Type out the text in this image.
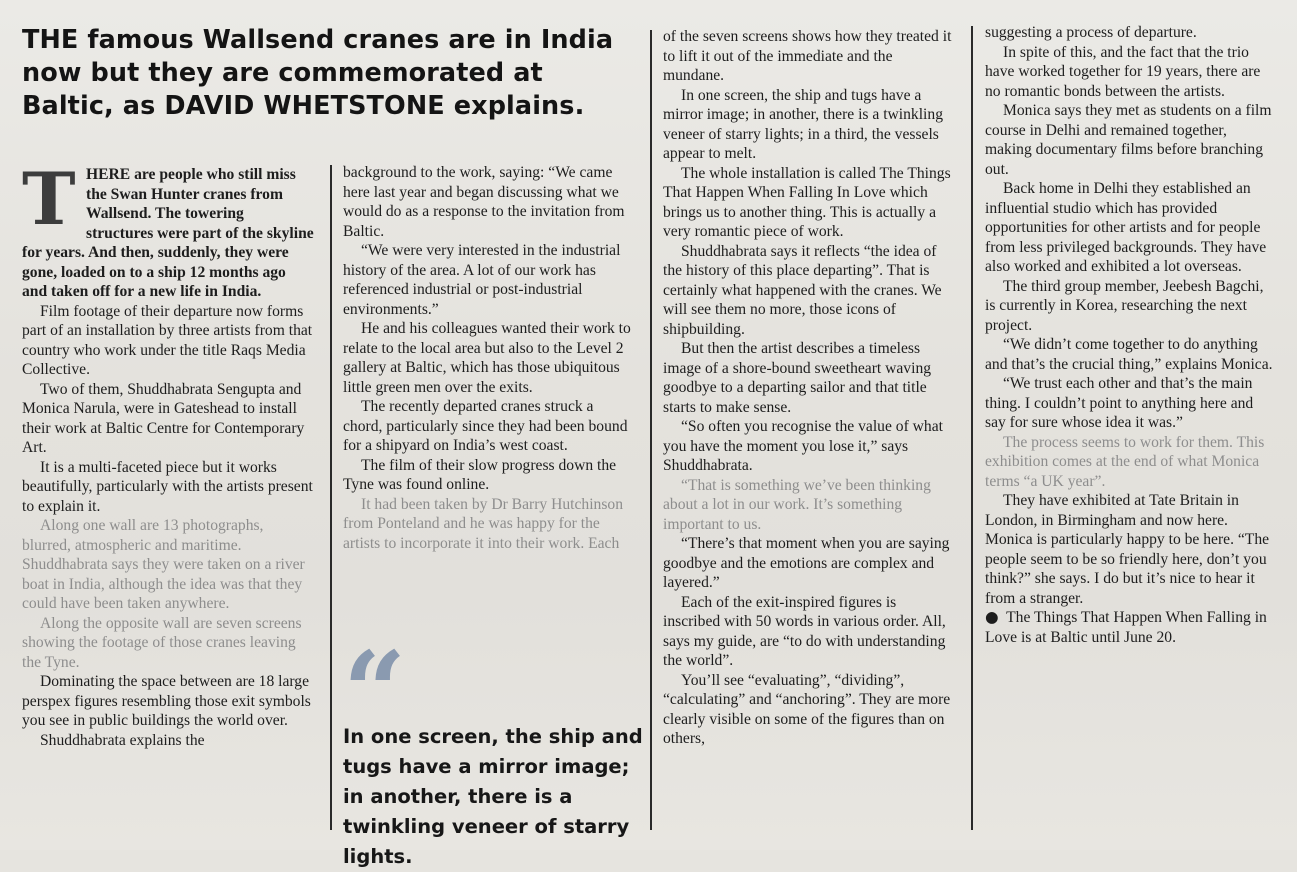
THE famous Wallsend cranes are in India now but they are commemorated at Baltic, as DAVID WHETSTONE explains.
T HERE are people who still miss the Swan Hunter cranes from Wallsend. The towering structures were part of the skyline for years. And then, suddenly, they were gone, loaded on to a ship 12 months ago and taken off for a new life in India.

Film footage of their departure now forms part of an installation by three artists from that country who work under the title Raqs Media Collective.

Two of them, Shuddhabrata Sengupta and Monica Narula, were in Gateshead to install their work at Baltic Centre for Contemporary Art.

It is a multi-faceted piece but it works beautifully, particularly with the artists present to explain it.

Along one wall are 13 photographs, blurred, atmospheric and maritime. Shuddhabrata says they were taken on a river boat in India, although the idea was that they could have been taken anywhere.

Along the opposite wall are seven screens showing the footage of those cranes leaving the Tyne.

Dominating the space between are 18 large perspex figures resembling those exit symbols you see in public buildings the world over.

Shuddhabrata explains the

background to the work, saying: “We came here last year and began discussing what we would do as a response to the invitation from Baltic.

“We were very interested in the industrial history of the area. A lot of our work has referenced industrial or post-industrial environments.”

He and his colleagues wanted their work to relate to the local area but also to the Level 2 gallery at Baltic, which has those ubiquitous little green men over the exits.

The recently departed cranes struck a chord, particularly since they had been bound for a shipyard on India’s west coast.

The film of their slow progress down the Tyne was found online.

It had been taken by Dr Barry Hutchinson from Ponteland and he was happy for the artists to incorporate it into their work. Each

“
In one screen, the ship and tugs have a mirror image; in another, there is a twinkling veneer of starry lights.

of the seven screens shows how they treated it to lift it out of the immediate and the mundane.

In one screen, the ship and tugs have a mirror image; in another, there is a twinkling veneer of starry lights; in a third, the vessels appear to melt.

The whole installation is called The Things That Happen When Falling In Love which brings us to another thing. This is actually a very romantic piece of work.

Shuddhabrata says it reflects “the idea of the history of this place departing”. That is certainly what happened with the cranes. We will see them no more, those icons of shipbuilding.

But then the artist describes a timeless image of a shore-bound sweetheart waving goodbye to a departing sailor and that title starts to make sense.

“So often you recognise the value of what you have the moment you lose it,” says Shuddhabrata.

“That is something we’ve been thinking about a lot in our work. It’s something important to us.

“There’s that moment when you are saying goodbye and the emotions are complex and layered.”

Each of the exit-inspired figures is inscribed with 50 words in various order. All, says my guide, are “to do with understanding the world”.

You’ll see “evaluating”, “dividing”, “calculating” and “anchoring”. They are more clearly visible on some of the figures than on others,

suggesting a process of departure.

In spite of this, and the fact that the trio have worked together for 19 years, there are no romantic bonds between the artists.

Monica says they met as students on a film course in Delhi and remained together, making documentary films before branching out.

Back home in Delhi they established an influential studio which has provided opportunities for other artists and for people from less privileged backgrounds. They have also worked and exhibited a lot overseas.

The third group member, Jeebesh Bagchi, is currently in Korea, researching the next project.

“We didn’t come together to do anything and that’s the crucial thing,” explains Monica.

“We trust each other and that’s the main thing. I couldn’t point to anything here and say for sure whose idea it was.”

The process seems to work for them. This exhibition comes at the end of what Monica terms “a UK year”.

They have exhibited at Tate Britain in London, in Birmingham and now here. Monica is particularly happy to be here. “The people seem to be so friendly here, don’t you think?” she says. I do but it’s nice to hear it from a stranger.

● The Things That Happen When Falling in Love is at Baltic until June 20.
